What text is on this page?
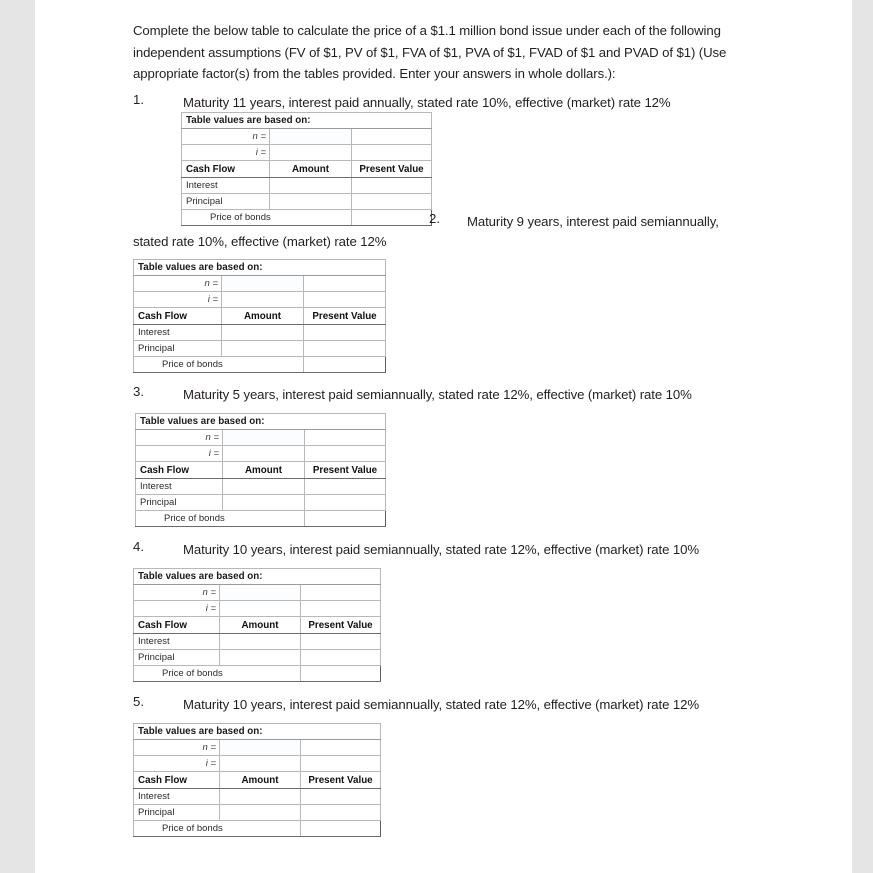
Complete the below table to calculate the price of a $1.1 million bond issue under each of the following independent assumptions (FV of $1, PV of $1, FVA of $1, PVA of $1, FVAD of $1 and PVAD of $1) (Use appropriate factor(s) from the tables provided. Enter your answers in whole dollars.):
1.	Maturity 11 years, interest paid annually, stated rate 10%, effective (market) rate 12%
Table values are based on:		
n =		
i =		
Cash Flow	Amount	Present Value
Interest		
Principal		
Price of bonds			2. Maturity 9 years, interest paid semiannually,
stated rate 10%, effective (market) rate 12%
Table values are based on:		
n =		
i =		
Cash Flow	Amount	Present Value
Interest		
Principal		
Price of bonds		
3.	Maturity 5 years, interest paid semiannually, stated rate 12%, effective (market) rate 10%
Table values are based on:		
n =		
i =		
Cash Flow	Amount	Present Value
Interest		
Principal		
Price of bonds		
4.	Maturity 10 years, interest paid semiannually, stated rate 12%, effective (market) rate 10%
Table values are based on:		
n =		
i =		
Cash Flow	Amount	Present Value
Interest		
Principal		
Price of bonds		
5.	Maturity 10 years, interest paid semiannually, stated rate 12%, effective (market) rate 12%
Table values are based on:		
n =		
i =		
Cash Flow	Amount	Present Value
Interest		
Principal		
Price of bonds		
